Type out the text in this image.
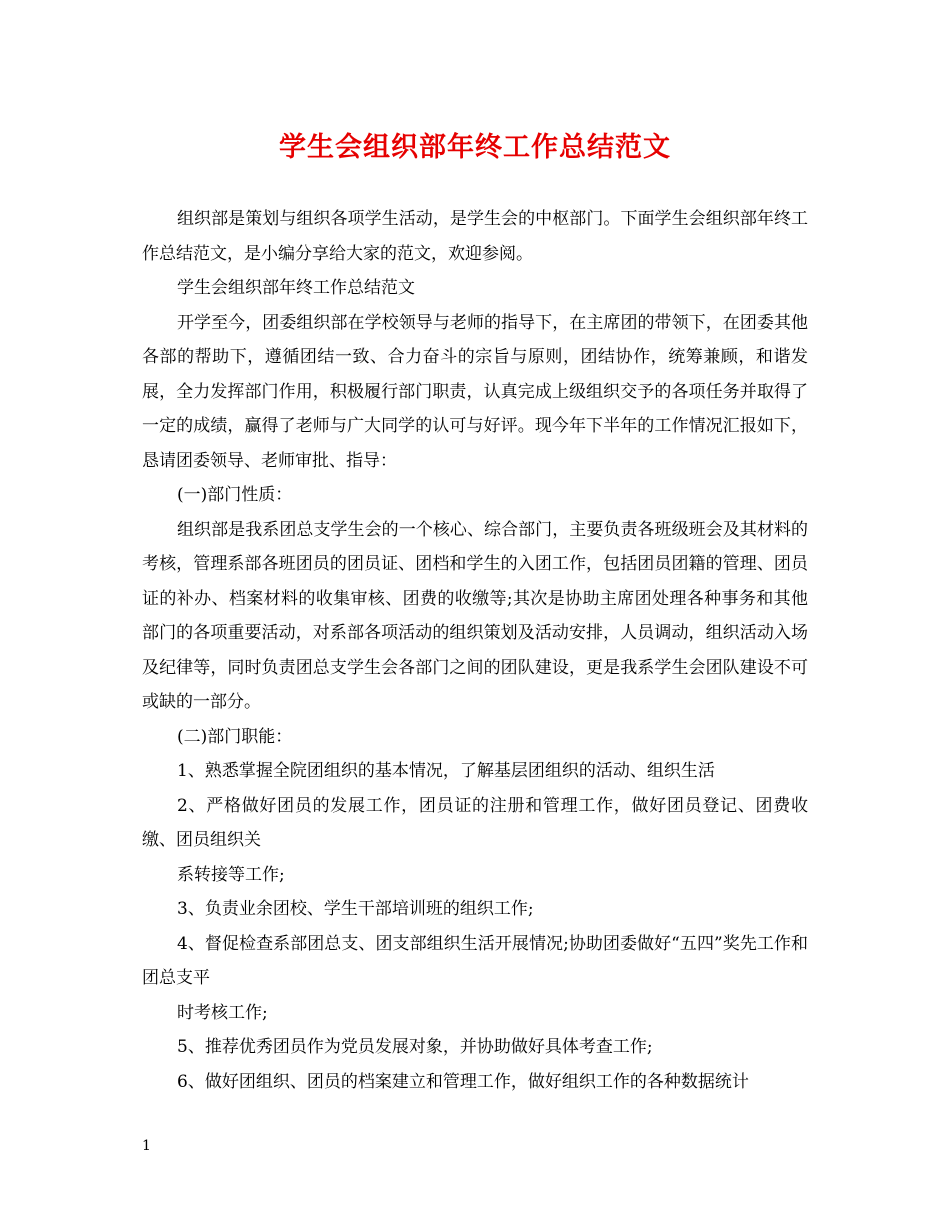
学生会组织部年终工作总结范文

组织部是策划与组织各项学生活动，是学生会的中枢部门。下面学生会组织部年终工作总结范文，是小编分享给大家的范文，欢迎参阅。

学生会组织部年终工作总结范文

开学至今，团委组织部在学校领导与老师的指导下，在主席团的带领下，在团委其他各部的帮助下，遵循团结一致、合力奋斗的宗旨与原则，团结协作，统筹兼顾，和谐发展，全力发挥部门作用，积极履行部门职责，认真完成上级组织交予的各项任务并取得了一定的成绩，赢得了老师与广大同学的认可与好评。现今年下半年的工作情况汇报如下，恳请团委领导、老师审批、指导：

(一)部门性质：

组织部是我系团总支学生会的一个核心、综合部门，主要负责各班级班会及其材料的考核，管理系部各班团员的团员证、团档和学生的入团工作，包括团员团籍的管理、团员证的补办、档案材料的收集审核、团费的收缴等;其次是协助主席团处理各种事务和其他部门的各项重要活动，对系部各项活动的组织策划及活动安排，人员调动，组织活动入场及纪律等，同时负责团总支学生会各部门之间的团队建设，更是我系学生会团队建设不可或缺的一部分。

(二)部门职能：

1、熟悉掌握全院团组织的基本情况，了解基层团组织的活动、组织生活

2、严格做好团员的发展工作，团员证的注册和管理工作，做好团员登记、团费收缴、团员组织关

系转接等工作;

3、负责业余团校、学生干部培训班的组织工作;

4、督促检查系部团总支、团支部组织生活开展情况;协助团委做好“五四”奖先工作和团总支平

时考核工作;

5、推荐优秀团员作为党员发展对象，并协助做好具体考查工作;

6、做好团组织、团员的档案建立和管理工作，做好组织工作的各种数据统计

1
